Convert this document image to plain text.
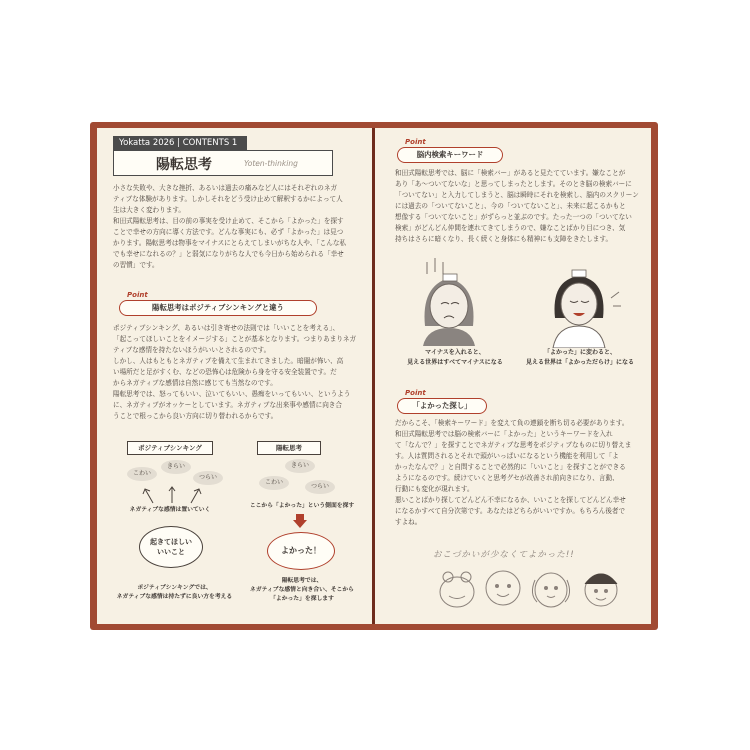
Yokatta 2026 | CONTENTS 1
陽転思考	Yoten-thinking

小さな失敗や、大きな挫折、あるいは過去の痛みなど人にはそれぞれのネガ

ティブな体験があります。しかしそれをどう受け止めて解釈するかによって人

生は大きく変わります。

和田式陽転思考は、目の前の事実を受け止めて、そこから「よかった」を探す

ことで幸せの方向に導く方法です。どんな事実にも、必ず「よかった」は見つ

かります。陽転思考は物事をマイナスにとらえてしまいがちな人や、「こんな私

でも幸せになれるの？」と弱気になりがちな人でも今日から始められる「幸せ

の習慣」です。

Point
陽転思考はポジティブシンキングと違う

ポジティブシンキング、あるいは引き寄せの法則では「いいことを考える」、

「起こってほしいことをイメージする」ことが基本となります。つまりあまりネガ

ティブな感情を持たないほうがいいとされるのです。

しかし、人はもともとネガティブを備えて生まれてきました。暗闇が怖い、高

い場所だと足がすくむ、などの恐怖心は危険から身を守る安全装置です。だ

からネガティブな感情は自然に感じても当然なのです。

陽転思考では、怒ってもいい、泣いてもいい、愚痴をいってもいい、というよう

に、ネガティブがオッケーとしています。ネガティブな出来事や感情に向き合

うことで根っこから良い方向に切り替われるからです。

ポジティブシンキング
こわい
きらい
つらい
ネガティブな感情は置いていく
起きてほしい
いいこと
ポジティブシンキングでは、
ネガティブな感情は持たずに良い方を考える
陽転思考
きらい
こわい
つらい
ここから「よかった」という側面を探す
よかった！
陽転思考では、
ネガティブな感情と向き合い、そこから
「よかった」を探します
Point
脳内検索キーワード

和田式陽転思考では、脳に「検索バー」があると見たてています。嫌なことが

あり「あ〜ついてないな」と思ってしまったとします。そのとき脳の検索バーに

「ついてない」と入力してしまうと、脳は瞬時にそれを検索し、脳内のスクリーン

には過去の「ついてないこと」、今の「ついてないこと」、未来に起こるかもと

想像する「ついてないこと」がずらっと並ぶのです。たった一つの「ついてない

検索」がどんどん仲間を連れてきてしまうので、嫌なことばかり目につき、気

持ちはさらに暗くなり、長く続くと身体にも精神にも支障をきたします。

マイナスを入れると、
見える世界はすべてマイナスになる
「よかった」に変わると、
見える世界は「よかっただらけ」になる
Point
「よかった探し」

だからこそ、「検索キーワード」を変えて負の連鎖を断ち切る必要があります。

和田式陽転思考では脳の検索バーに「よかった」というキーワードを入れ

て「なんで？」を探すことでネガティブな思考をポジティブなものに切り替えま

す。人は質問されるとそれで頭がいっぱいになるという機能を利用して「よ

かったなんで？」と自問することで必然的に「いいこと」を探すことができる

ようになるのです。続けていくと思考グセが改善され前向きになり、言動、

行動にも変化が現れます。

悪いことばかり探してどんどん不幸になるか、いいことを探してどんどん幸せ

になるかすべて自分次第です。あなたはどちらがいいですか。もちろん後者で

すよね。

おこづかいが少なくてよかった!!
